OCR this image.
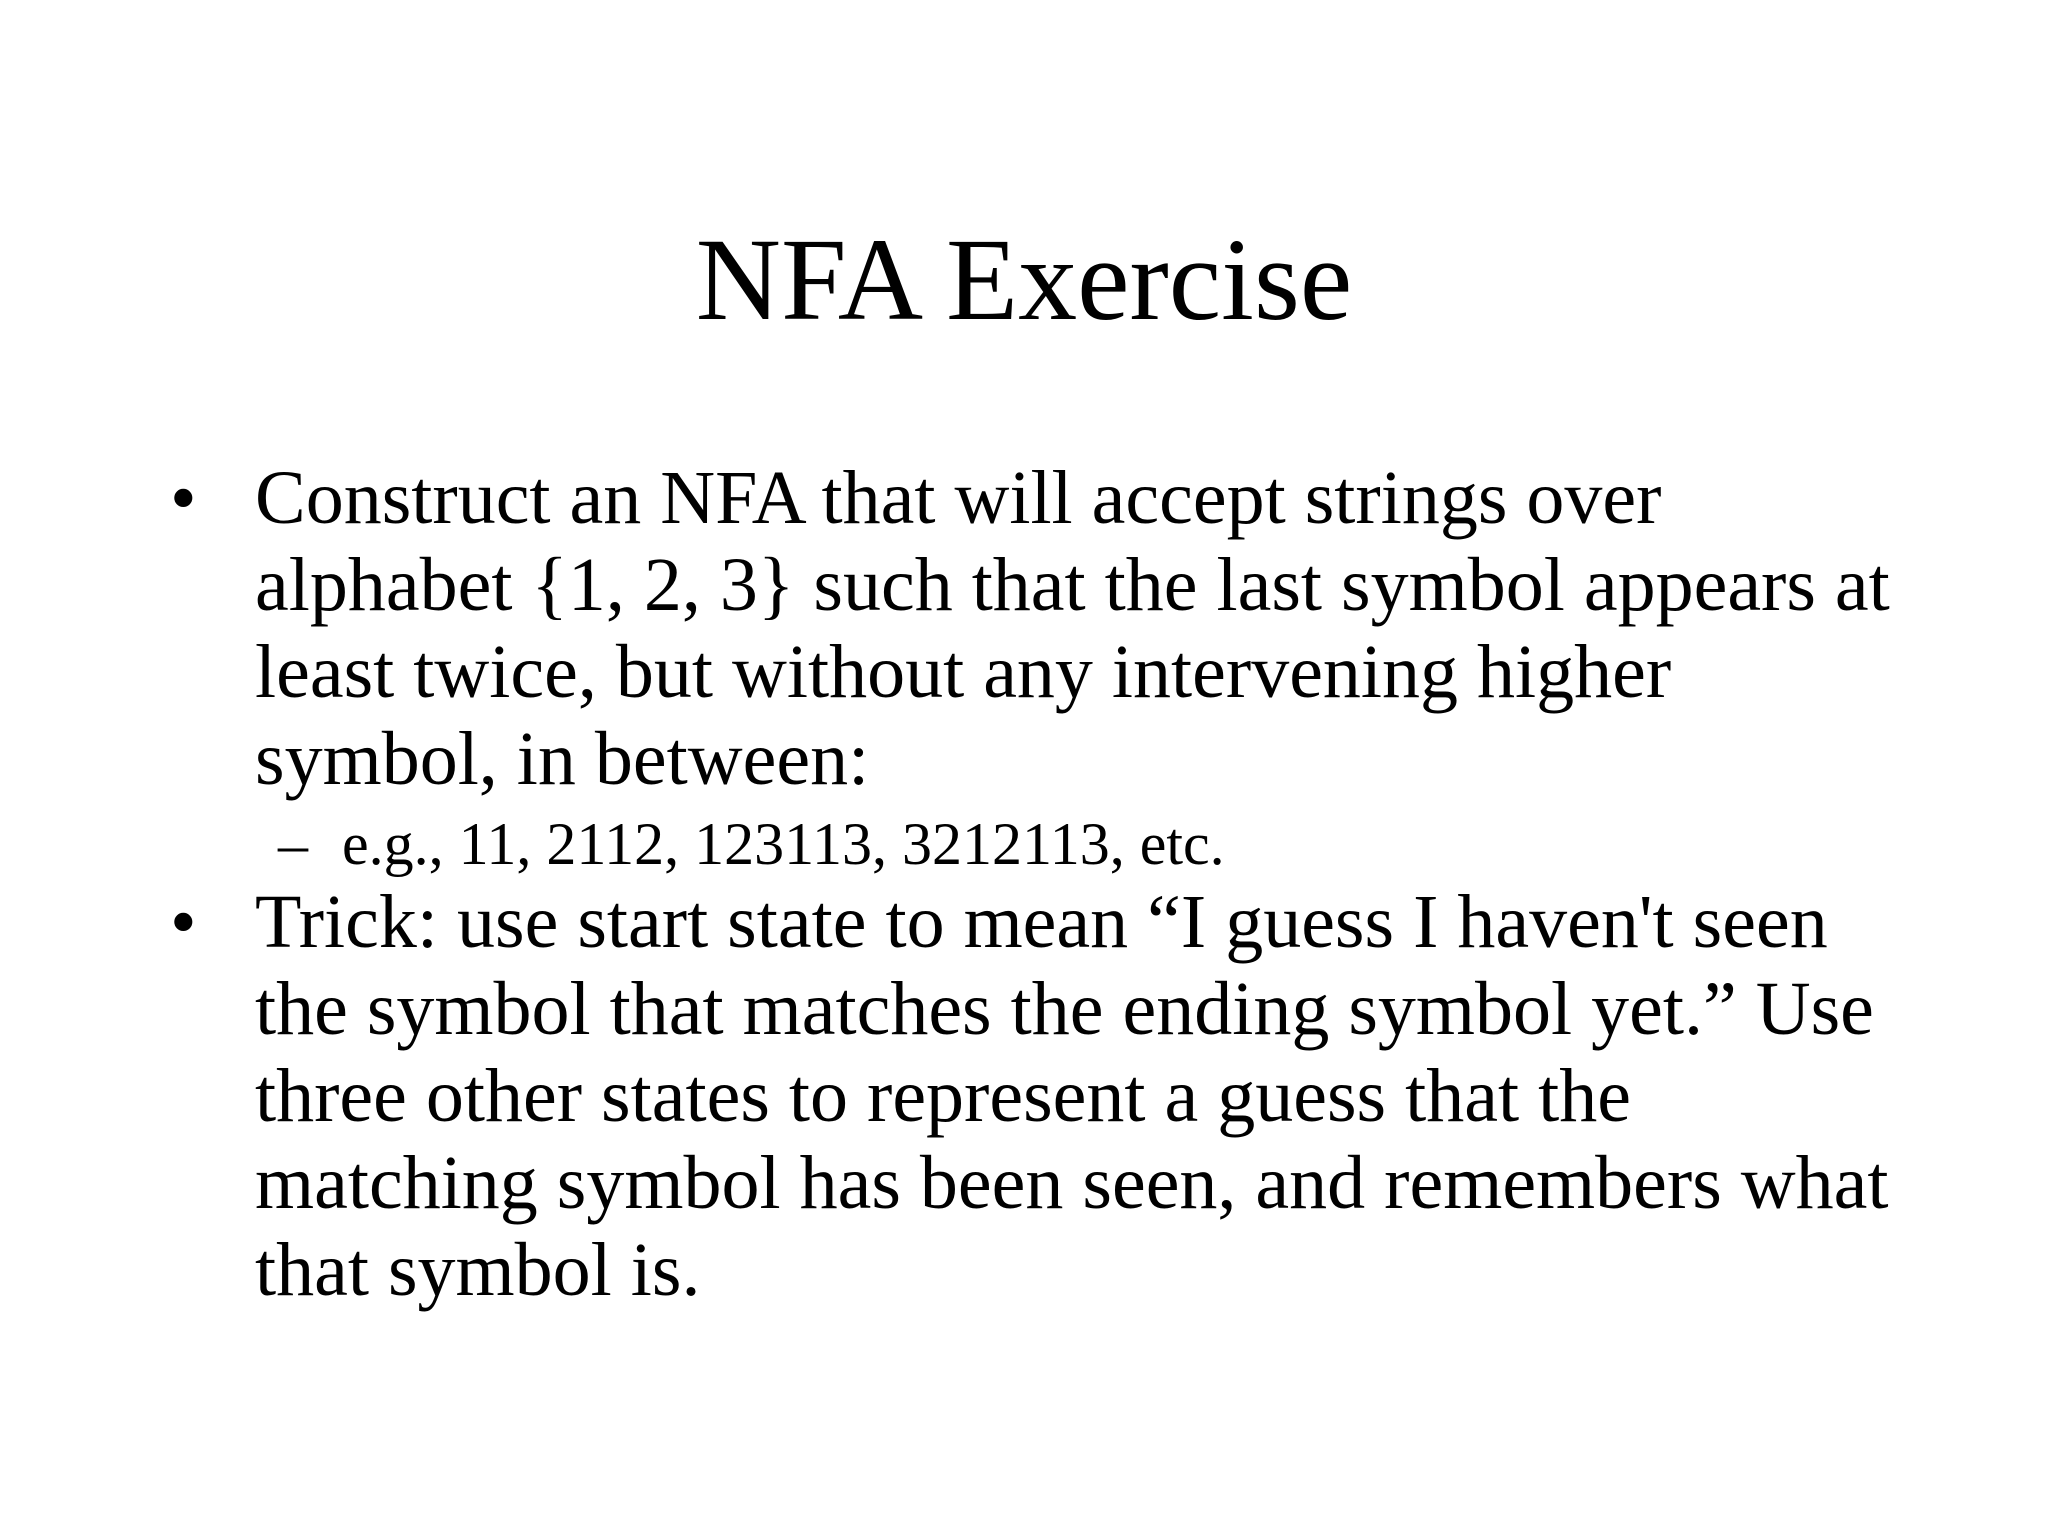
NFA Exercise

• Construct an NFA that will accept strings over alphabet {1, 2, 3} such that the last symbol appears at least twice, but without any intervening higher symbol, in between:

– e.g., 11, 2112, 123113, 3212113, etc.

• Trick: use start state to mean “I guess I haven't seen the symbol that matches the ending symbol yet.” Use three other states to represent a guess that the matching symbol has been seen, and remembers what that symbol is.
